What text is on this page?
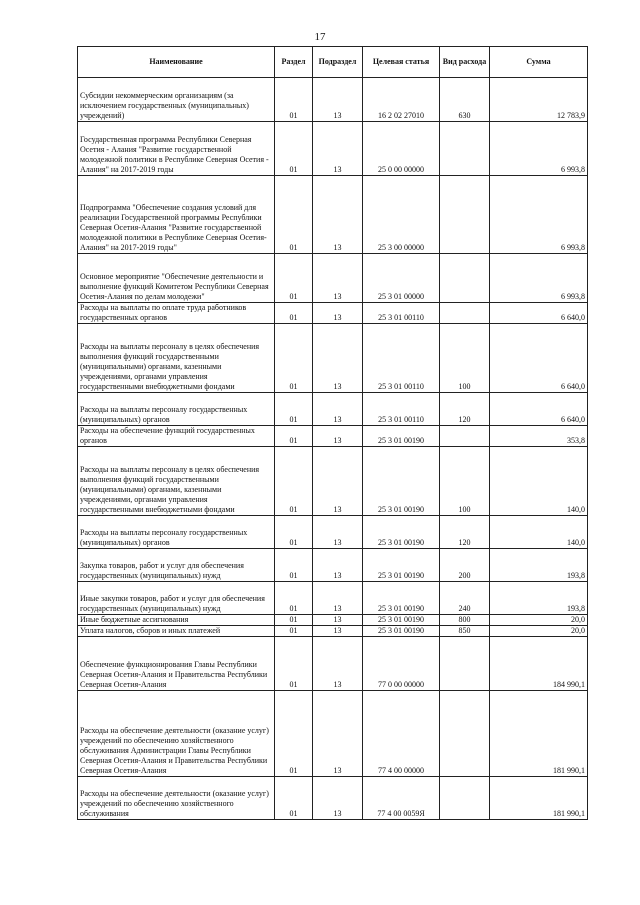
17
Наименование	Раздел	Подраздел	Целевая статья	Вид расхода	Сумма
Субсидии некоммерческим организациям (за исключением государственных (муниципальных) учреждений)	01	13	16 2 02 27010	630	12 783,9
Государственная программа Республики Северная Осетия - Алания "Развитие государственной молодежной политики в Республике Северная Осетия - Алания" на 2017-2019 годы	01	13	25 0 00 00000		6 993,8
Подпрограмма "Обеспечение создания условий для реализации Государственной программы Республики Северная Осетия-Алания "Развитие государственной молодежной политики в Республике Северная Осетия-Алания" на 2017-2019 годы"	01	13	25 3 00 00000		6 993,8
Основное мероприятие "Обеспечение деятельности и выполнение функций Комитетом Республики Северная Осетия-Алания по делам молодежи"	01	13	25 3 01 00000		6 993,8
Расходы на выплаты по оплате труда работников государственных органов	01	13	25 3 01 00110		6 640,0
Расходы на выплаты персоналу в целях обеспечения выполнения функций государственными (муниципальными) органами, казенными учреждениями, органами управления государственными внебюджетными фондами	01	13	25 3 01 00110	100	6 640,0
Расходы на выплаты персоналу государственных (муниципальных) органов	01	13	25 3 01 00110	120	6 640,0
Расходы на обеспечение функций государственных органов	01	13	25 3 01 00190		353,8
Расходы на выплаты персоналу в целях обеспечения выполнения функций государственными (муниципальными) органами, казенными учреждениями, органами управления государственными внебюджетными фондами	01	13	25 3 01 00190	100	140,0
Расходы на выплаты персоналу государственных (муниципальных) органов	01	13	25 3 01 00190	120	140,0
Закупка товаров, работ и услуг для обеспечения государственных (муниципальных) нужд	01	13	25 3 01 00190	200	193,8
Иные закупки товаров, работ и услуг для обеспечения государственных (муниципальных) нужд	01	13	25 3 01 00190	240	193,8
Иные бюджетные ассигнования	01	13	25 3 01 00190	800	20,0
Уплата налогов, сборов и иных платежей	01	13	25 3 01 00190	850	20,0
Обеспечение функционирования Главы Республики Северная Осетия-Алания и Правительства Республики Северная Осетия-Алания	01	13	77 0 00 00000		184 990,1
Расходы на обеспечение деятельности (оказание услуг) учреждений по обеспечению хозяйственного обслуживания Администрации Главы Республики Северная Осетия-Алания и Правительства Республики Северная Осетия-Алания	01	13	77 4 00 00000		181 990,1
Расходы на обеспечение деятельности (оказание услуг) учреждений по обеспечению хозяйственного обслуживания	01	13	77 4 00 0059Я		181 990,1
